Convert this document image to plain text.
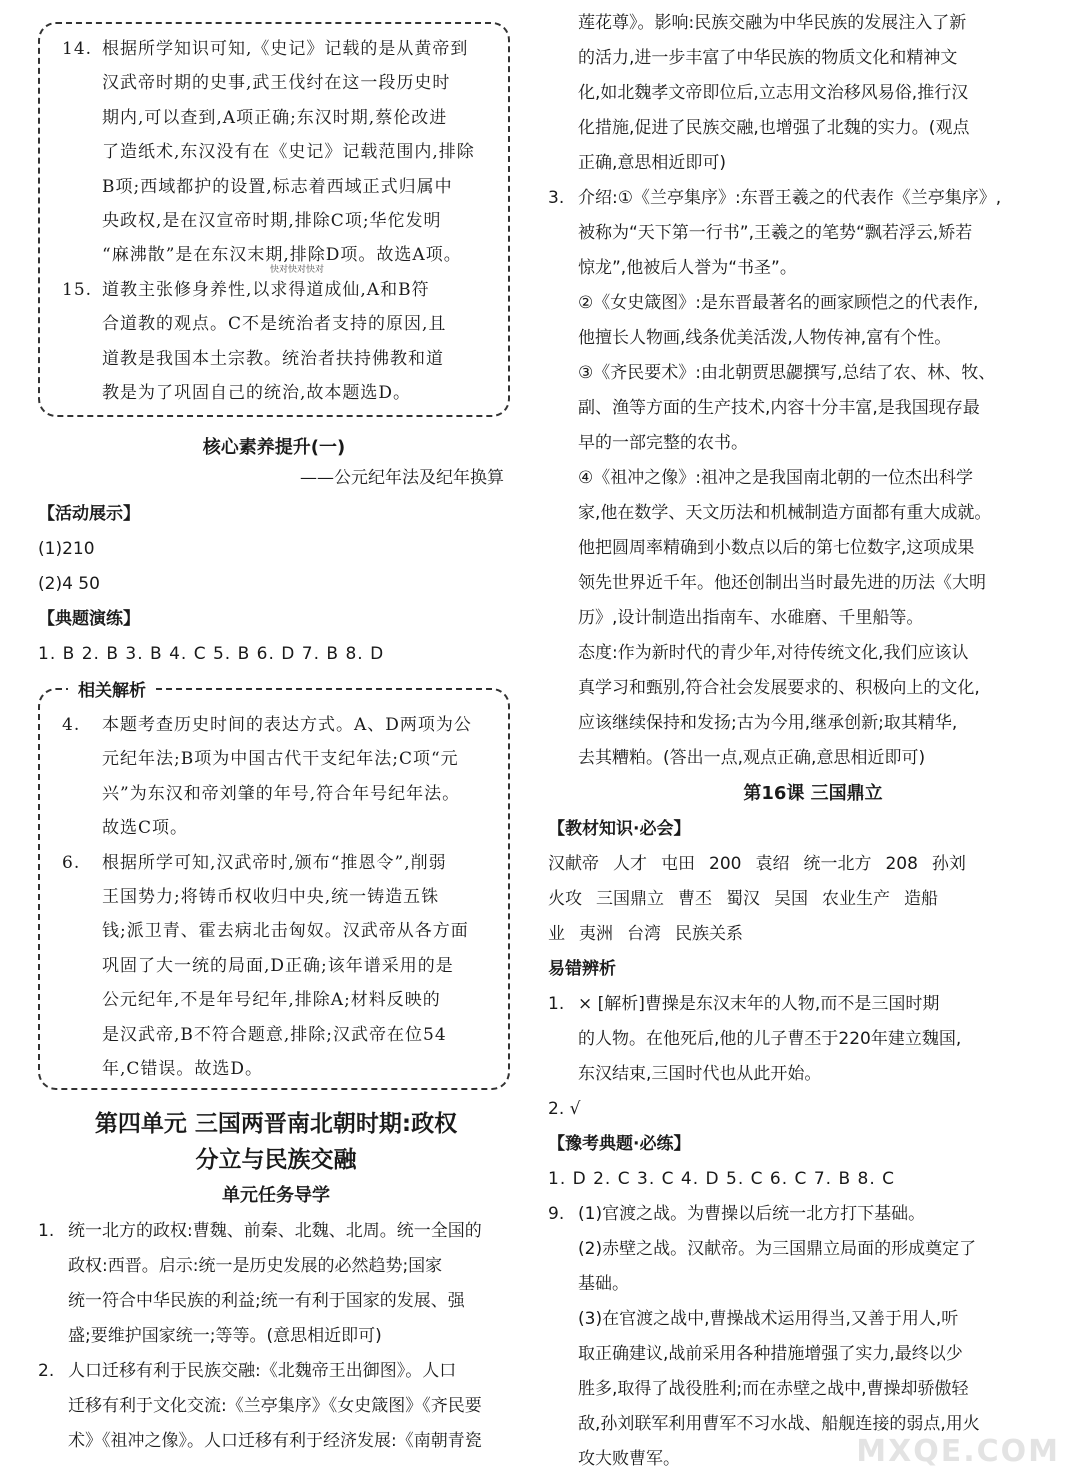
14. 根据所学知识可知,《史记》记载的是从黄帝到
汉武帝时期的史事,武王伐纣在这一段历史时
期内,可以查到,A项正确;东汉时期,蔡伦改进
了造纸术,东汉没有在《史记》记载范围内,排除
B项;西域都护的设置,标志着西域正式归属中
央政权,是在汉宣帝时期,排除C项;华佗发明
“麻沸散”是在东汉末期,排除D项。故选A项。
15. 道教主张修身养性,以求得道成仙,A和B符
合道教的观点。C不是统治者支持的原因,且
道教是我国本土宗教。统治者扶持佛教和道
教是为了巩固自己的统治,故本题选D。
快对快对快对
核心素养提升(一)
——公元纪年法及纪年换算
【活动展示】
(1)210
(2)4 50
【典题演练】
1. B 2. B 3. B 4. C 5. B 6. D 7. B 8. D
相关解析
4. 本题考查历史时间的表达方式。A、D两项为公
元纪年法;B项为中国古代干支纪年法;C项“元
兴”为东汉和帝刘肇的年号,符合年号纪年法。
故选C项。
6. 根据所学可知,汉武帝时,颁布“推恩令”,削弱
王国势力;将铸币权收归中央,统一铸造五铢
钱;派卫青、霍去病北击匈奴。汉武帝从各方面
巩固了大一统的局面,D正确;该年谱采用的是
公元纪年,不是年号纪年,排除A;材料反映的
是汉武帝,B不符合题意,排除;汉武帝在位54
年,C错误。故选D。
第四单元 三国两晋南北朝时期:政权
分立与民族交融
单元任务导学
1. 统一北方的政权:曹魏、前秦、北魏、北周。统一全国的
政权:西晋。启示:统一是历史发展的必然趋势;国家
统一符合中华民族的利益;统一有利于国家的发展、强
盛;要维护国家统一;等等。(意思相近即可)
2. 人口迁移有利于民族交融:《北魏帝王出御图》。人口
迁移有利于文化交流:《兰亭集序》《女史箴图》《齐民要
术》《祖冲之像》。人口迁移有利于经济发展:《南朝青瓷
莲花尊》。影响:民族交融为中华民族的发展注入了新
的活力,进一步丰富了中华民族的物质文化和精神文
化,如北魏孝文帝即位后,立志用文治移风易俗,推行汉
化措施,促进了民族交融,也增强了北魏的实力。(观点
正确,意思相近即可)
3. 介绍:①《兰亭集序》:东晋王羲之的代表作《兰亭集序》,
被称为“天下第一行书”,王羲之的笔势“飘若浮云,矫若
惊龙”,他被后人誉为“书圣”。
②《女史箴图》:是东晋最著名的画家顾恺之的代表作,
他擅长人物画,线条优美活泼,人物传神,富有个性。
③《齐民要术》:由北朝贾思勰撰写,总结了农、林、牧、
副、渔等方面的生产技术,内容十分丰富,是我国现存最
早的一部完整的农书。
④《祖冲之像》:祖冲之是我国南北朝的一位杰出科学
家,他在数学、天文历法和机械制造方面都有重大成就。
他把圆周率精确到小数点以后的第七位数字,这项成果
领先世界近千年。他还创制出当时最先进的历法《大明
历》,设计制造出指南车、水碓磨、千里船等。
态度:作为新时代的青少年,对待传统文化,我们应该认
真学习和甄别,符合社会发展要求的、积极向上的文化,
应该继续保持和发扬;古为今用,继承创新;取其精华,
去其糟粕。(答出一点,观点正确,意思相近即可)
第16课 三国鼎立
【教材知识·必会】
汉献帝 人才 屯田 200 袁绍 统一北方 208 孙刘
火攻 三国鼎立 曹丕 蜀汉 吴国 农业生产 造船
业 夷洲 台湾 民族关系
易错辨析
1. × [解析]曹操是东汉末年的人物,而不是三国时期
的人物。在他死后,他的儿子曹丕于220年建立魏国,
东汉结束,三国时代也从此开始。
2. √
【豫考典题·必练】
1. D 2. C 3. C 4. D 5. C 6. C 7. B 8. C
9. (1)官渡之战。为曹操以后统一北方打下基础。
(2)赤壁之战。汉献帝。为三国鼎立局面的形成奠定了
基础。
(3)在官渡之战中,曹操战术运用得当,又善于用人,听
取正确建议,战前采用各种措施增强了实力,最终以少
胜多,取得了战役胜利;而在赤壁之战中,曹操却骄傲轻
敌,孙刘联军利用曹军不习水战、船舰连接的弱点,用火
攻大败曹军。	MXQE.COM
